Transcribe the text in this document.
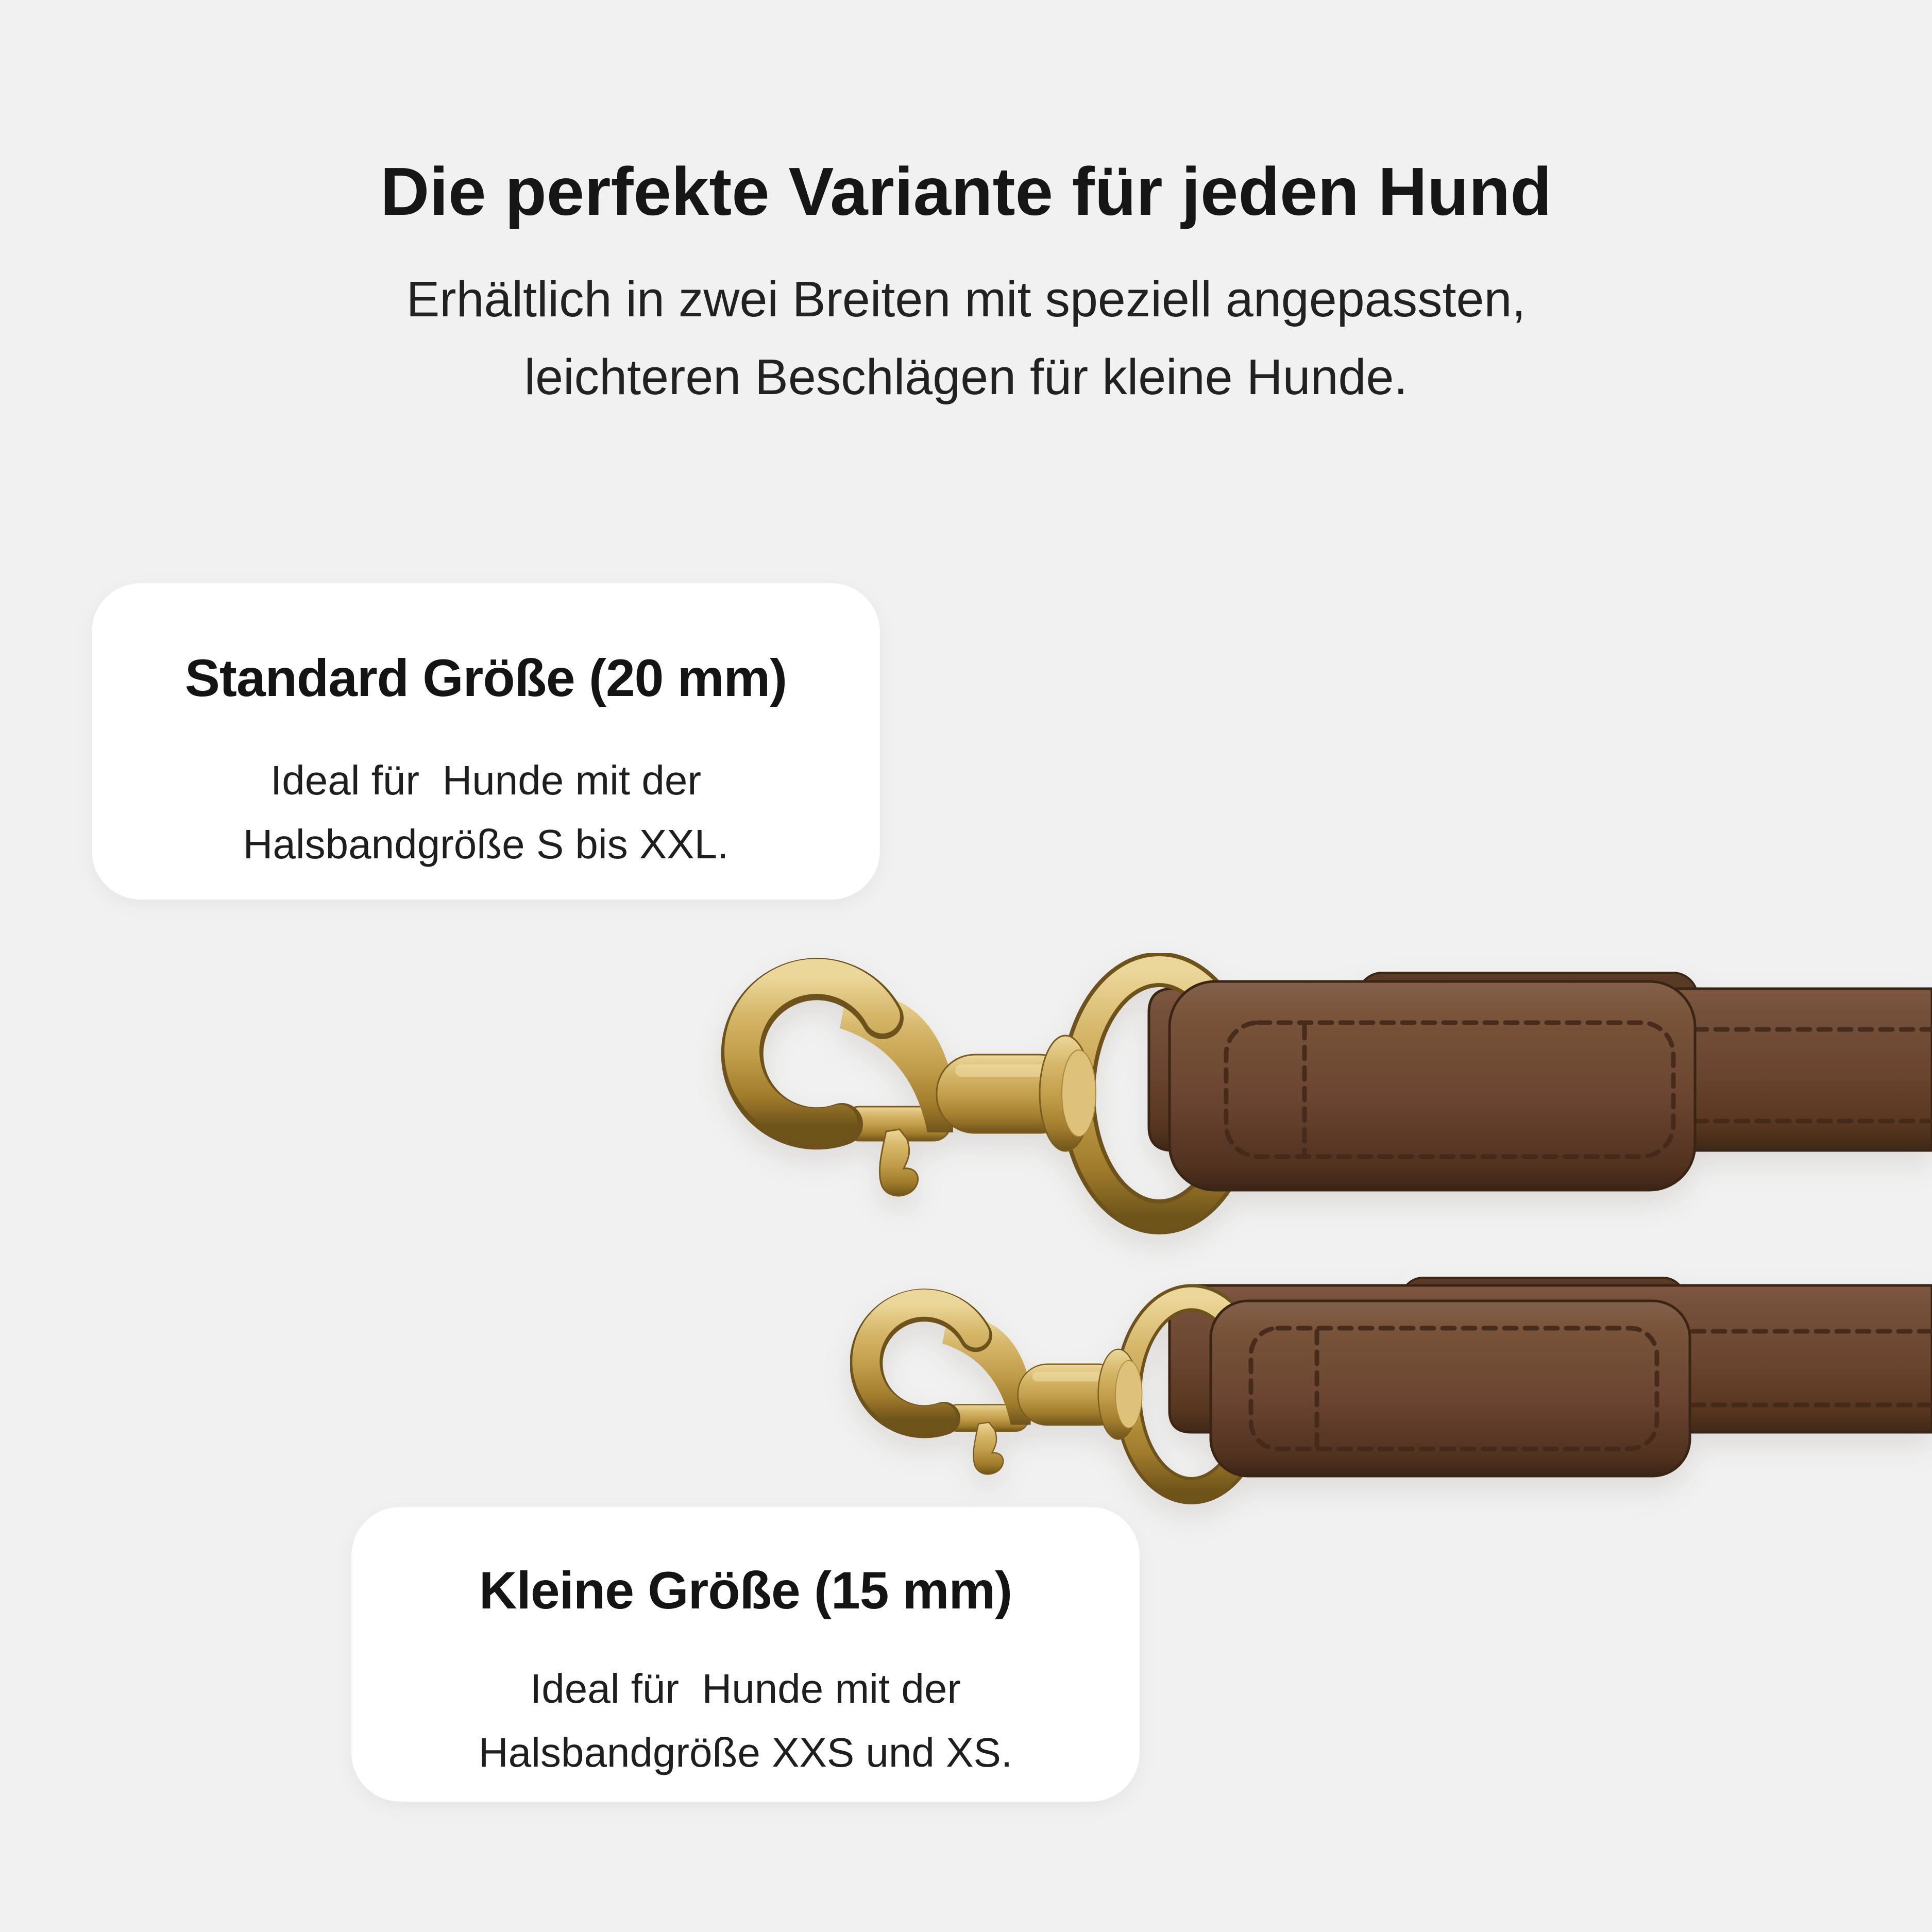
Die perfekte Variante für jeden Hund

Erhältlich in zwei Breiten mit speziell angepassten,
leichteren Beschlägen für kleine Hunde.

Standard Größe (20 mm)

Ideal für  Hunde mit der
Halsbandgröße S bis XXL.

Kleine Größe (15 mm)

Ideal für  Hunde mit der
Halsbandgröße XXS und XS.
